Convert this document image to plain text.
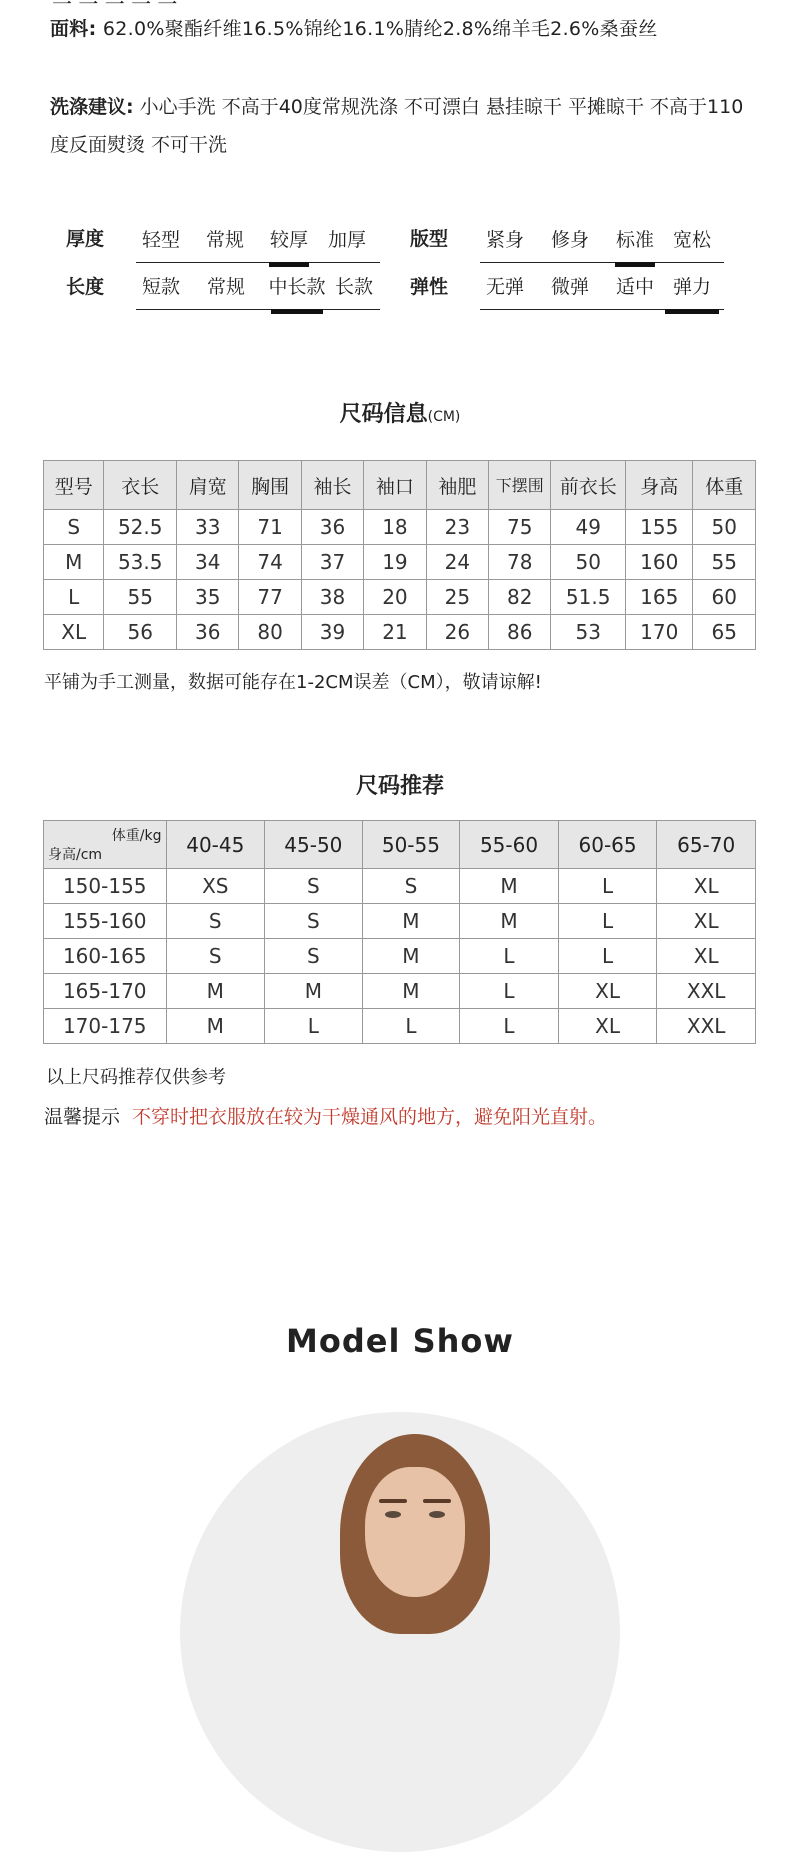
一 一 一 一 一
面料: 62.0%聚酯纤维16.5%锦纶16.1%腈纶2.8%绵羊毛2.6%桑蚕丝
洗涤建议: 小心手洗 不高于40度常规洗涤 不可漂白 悬挂晾干 平摊晾干 不高于110度反面熨烫 不可干洗
厚度	轻型	常规	较厚	加厚	版型	紧身	修身	标准 宽松
长度	短款	常规	中长款 长款	弹性	无弹	微弹	适中 弹力
尺码信息(CM)
型号	衣长	肩宽	胸围	袖长	袖口	袖肥	下摆围	前衣长	身高	体重
S	52.5	33	71	36	18	23	75	49	155	50
M	53.5	34	74	37	19	24	78	50	160	55
L	55	35	77	38	20	25	82	51.5	165	60
XL	56	36	80	39	21	26	86	53	170	65
平铺为手工测量，数据可能存在1-2CM误差（CM），敬请谅解!
尺码推荐
体重/kg
身高/cm	40-45	45-50	50-55	55-60	60-65	65-70
150-155	XS	S	S	M	L	XL
155-160	S	S	M	M	L	XL
160-165	S	S	M	L	L	XL
165-170	M	M	M	L	XL	XXL
170-175	M	L	L	L	XL	XXL
以上尺码推荐仅供参考
温馨提示 不穿时把衣服放在较为干燥通风的地方，避免阳光直射。
Model Show
